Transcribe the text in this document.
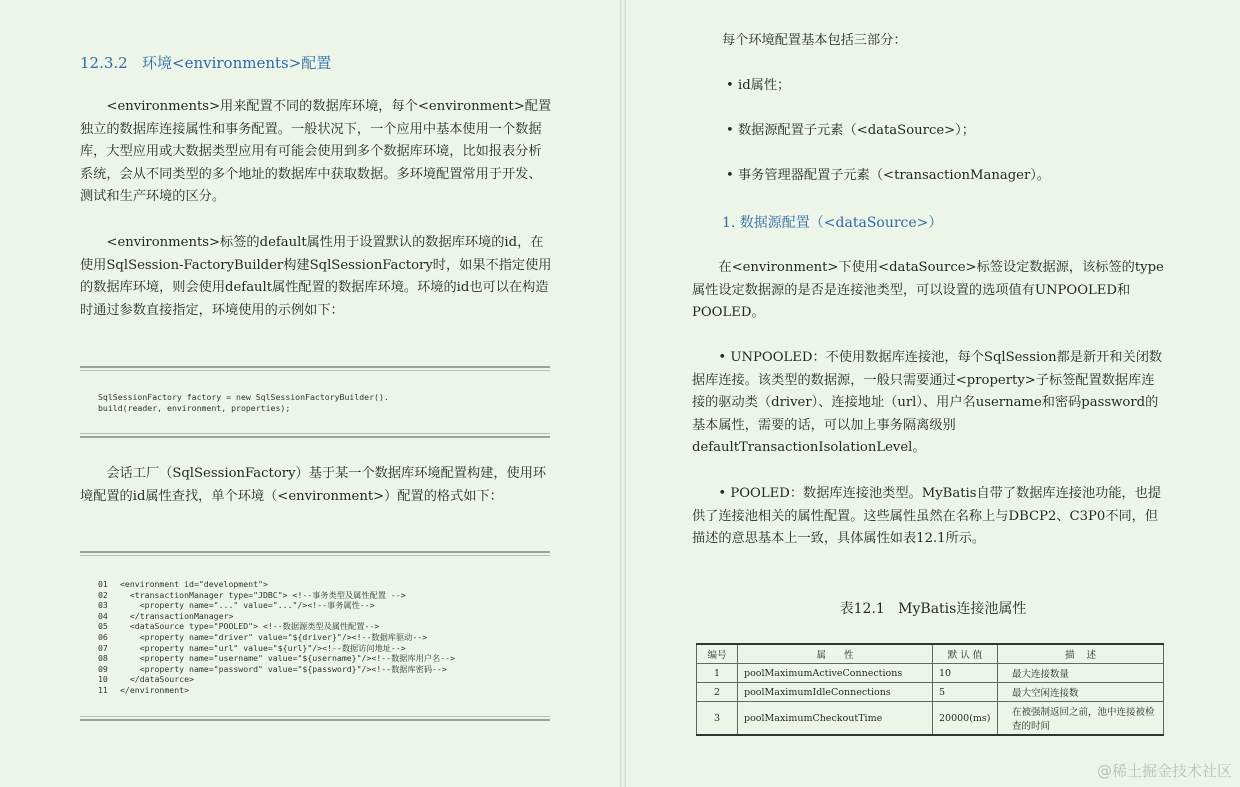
12.3.2   环境<environments>配置

<environments>用来配置不同的数据库环境，每个<environment>配置独立的数据库连接属性和事务配置。一般状况下，一个应用中基本使用一个数据库，大型应用或大数据类型应用有可能会使用到多个数据库环境，比如报表分析系统，会从不同类型的多个地址的数据库中获取数据。多环境配置常用于开发、测试和生产环境的区分。

<environments>标签的default属性用于设置默认的数据库环境的id，在使用SqlSession-FactoryBuilder构建SqlSessionFactory时，如果不指定使用的数据库环境，则会使用default属性配置的数据库环境。环境的id也可以在构造时通过参数直接指定，环境使用的示例如下：

SqlSessionFactory factory = new SqlSessionFactoryBuilder().
build(reader, environment, properties);

会话工厂（SqlSessionFactory）基于某一个数据库环境配置构建，使用环境配置的id属性查找，单个环境（<environment>）配置的格式如下：

01 <environment id="development">
02  <transactionManager type="JDBC"> <!--事务类型及属性配置 -->
03    <property name="..." value="..."/><!--事务属性-->
04  </transactionManager>
05  <dataSource type="POOLED"> <!--数据源类型及属性配置-->
06    <property name="driver" value="${driver}"/><!--数据库驱动-->
07    <property name="url" value="${url}"/><!--数据访问地址-->
08    <property name="username" value="${username}"/><!--数据库用户名-->
09    <property name="password" value="${password}"/><!--数据库密码-->
10  </dataSource>
11 </environment>
每个环境配置基本包括三部分：
• id属性；
• 数据源配置子元素（<dataSource>）；
• 事务管理器配置子元素（<transactionManager）。
1. 数据源配置（<dataSource>）

在<environment>下使用<dataSource>标签设定数据源，该标签的type属性设定数据源的是否是连接池类型，可以设置的选项值有UNPOOLED和POOLED。

• UNPOOLED：不使用数据库连接池，每个SqlSession都是新开和关闭数据库连接。该类型的数据源，一般只需要通过<property>子标签配置数据库连接的驱动类（driver）、连接地址（url）、用户名username和密码password的基本属性，需要的话，可以加上事务隔离级别defaultTransactionIsolationLevel。

• POOLED：数据库连接池类型。MyBatis自带了数据库连接池功能，也提供了连接池相关的属性配置。这些属性虽然在名称上与DBCP2、C3P0不同，但描述的意思基本上一致，具体属性如表12.1所示。

表12.1   MyBatis连接池属性
编号	属      性	默 认 值	描    述
1	poolMaximumActiveConnections	10	最大连接数量
2	poolMaximumIdleConnections	5	最大空闲连接数
3	poolMaximumCheckoutTime	20000(ms)	在被强制返回之前，池中连接被检查的时间
@稀土掘金技术社区
